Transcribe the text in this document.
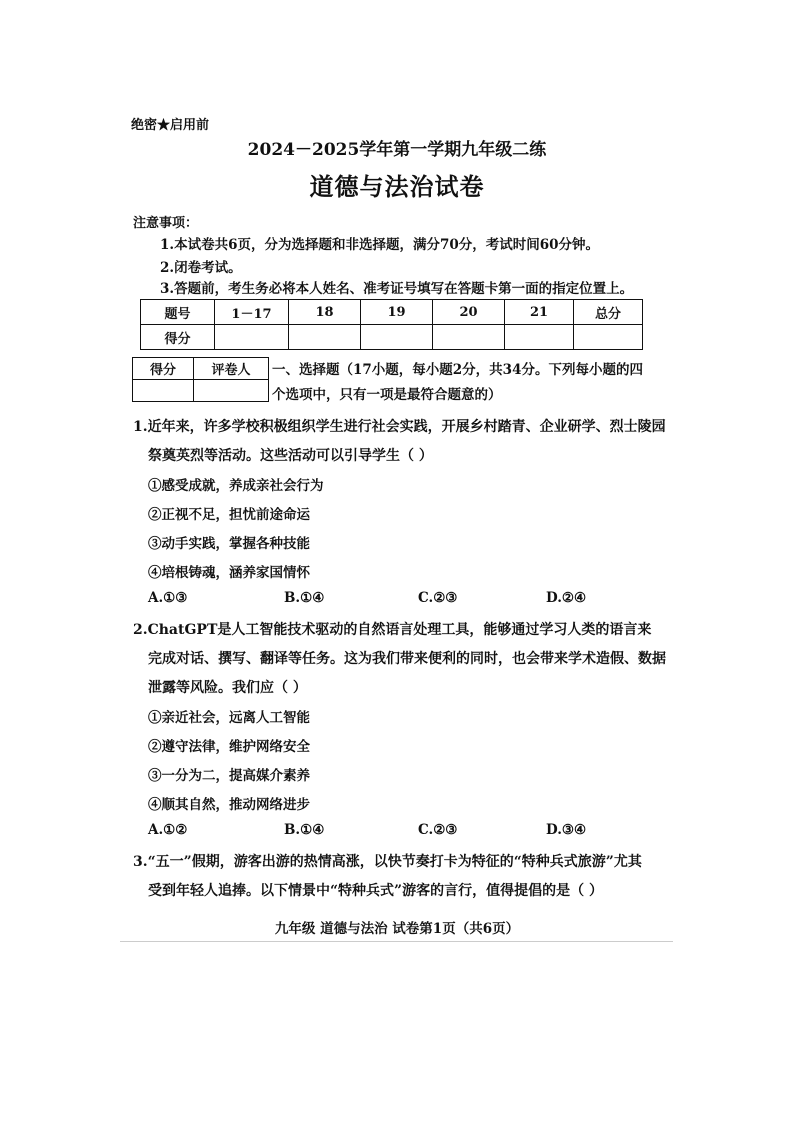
绝密★启用前
2024－2025学年第一学期九年级二练
道德与法治试卷
注意事项：
1.本试卷共6页，分为选择题和非选择题，满分70分，考试时间60分钟。
2.闭卷考试。
3.答题前，考生务必将本人姓名、准考证号填写在答题卡第一面的指定位置上。
题号	1－17	18	19	20	21	总分
得分						
得分	评卷人
	一、选择题（17小题，每小题2分，共34分。下列每小题的四
个选项中，只有一项是最符合题意的）
1.近年来，许多学校积极组织学生进行社会实践，开展乡村踏青、企业研学、烈士陵园
祭奠英烈等活动。这些活动可以引导学生（ ）
①感受成就，养成亲社会行为
②正视不足，担忧前途命运
③动手实践，掌握各种技能
④培根铸魂，涵养家国情怀
A.①③	B.①④	C.②③	D.②④
2.ChatGPT是人工智能技术驱动的自然语言处理工具，能够通过学习人类的语言来
完成对话、撰写、翻译等任务。这为我们带来便利的同时，也会带来学术造假、数据
泄露等风险。我们应（ ）
①亲近社会，远离人工智能
②遵守法律，维护网络安全
③一分为二，提高媒介素养
④顺其自然，推动网络进步
A.①②	B.①④	C.②③	D.③④
3.“五一”假期，游客出游的热情高涨，以快节奏打卡为特征的“特种兵式旅游”尤其
受到年轻人追捧。以下情景中“特种兵式”游客的言行，值得提倡的是（ ）
九年级 道德与法治 试卷第1页（共6页）
